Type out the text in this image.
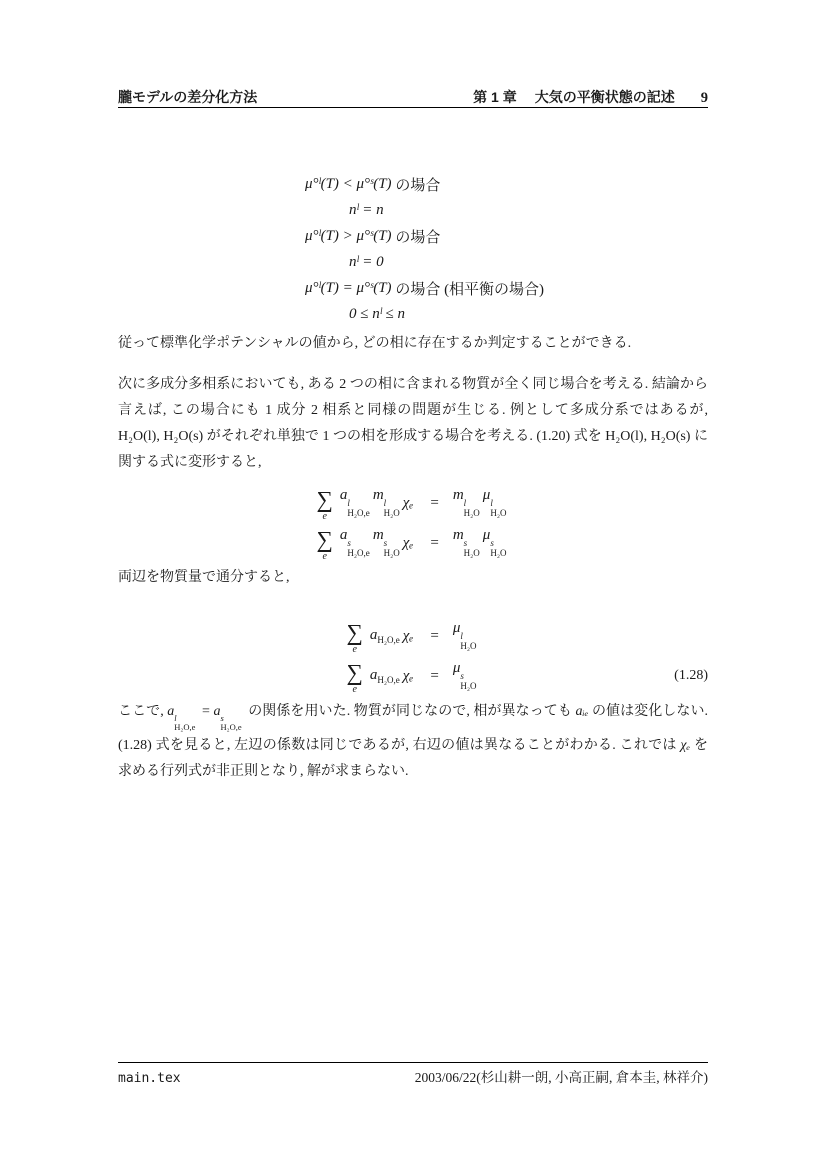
朧モデルの差分化方法	第 1 章 大気の平衡状態の記述 9
μ°ˡ(T) < μ°ˢ(T) の場合
nˡ = n
μ°ˡ(T) > μ°ˢ(T) の場合
nˡ = 0
μ°ˡ(T) = μ°ˢ(T) の場合 (相平衡の場合)
0 ≤ nˡ ≤ n
従って標準化学ポテンシャルの値から, どの相に存在するか判定することができる.
次に多成分多相系においても, ある 2 つの相に含まれる物質が全く同じ場合を考える. 結論から言えば, この場合にも 1 成分 2 相系と同様の問題が生じる. 例として多成分系ではあるが, H₂O(l), H₂O(s) がそれぞれ単独で 1 つの相を形成する場合を考える. (1.20) 式を H₂O(l), H₂O(s) に関する式に変形すると,
∑
e
a l
H₂O,e
m l
H₂O
χₑ = m l
H₂O
μ l
H₂O
∑
e
a s
H₂O,e
m s
H₂O
χₑ = m s
H₂O
μ s
H₂O
両辺を物質量で通分すると,
∑
e
$a_{H_2O,e}$ χₑ = μ l
H₂O
∑
e
$a_{H_2O,e}$ χₑ = μ s
H₂O
(1.28)
ここで, a l
H₂O,e
= a s
H₂O,e
の関係を用いた. 物質が同じなので, 相が異なっても aᵢₑ の値は変化しない. (1.28) 式を見ると, 左辺の係数は同じであるが, 右辺の値は異なることがわかる. これでは χₑ を求める行列式が非正則となり, 解が求まらない.
main.tex	2003/06/22(杉山耕一朗, 小高正嗣, 倉本圭, 林祥介)
